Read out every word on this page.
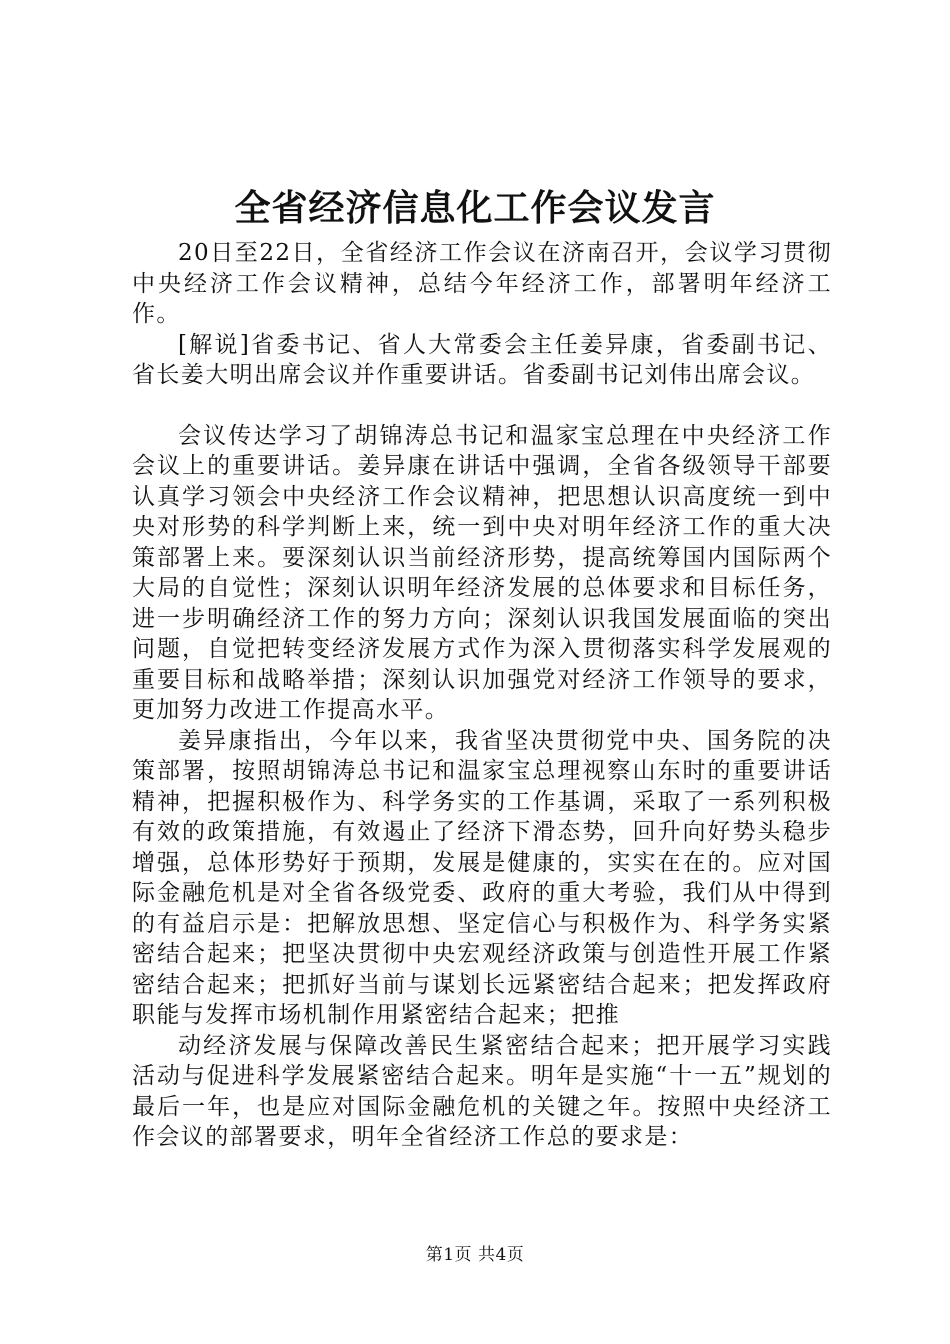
全省经济信息化工作会议发言

20日至22日，全省经济工作会议在济南召开，会议学习贯彻中央经济工作会议精神，总结今年经济工作，部署明年经济工作。

[解说]省委书记、省人大常委会主任姜异康，省委副书记、省长姜大明出席会议并作重要讲话。省委副书记刘伟出席会议。

会议传达学习了胡锦涛总书记和温家宝总理在中央经济工作会议上的重要讲话。姜异康在讲话中强调，全省各级领导干部要认真学习领会中央经济工作会议精神，把思想认识高度统一到中央对形势的科学判断上来，统一到中央对明年经济工作的重大决策部署上来。要深刻认识当前经济形势，提高统筹国内国际两个大局的自觉性；深刻认识明年经济发展的总体要求和目标任务，进一步明确经济工作的努力方向；深刻认识我国发展面临的突出问题，自觉把转变经济发展方式作为深入贯彻落实科学发展观的重要目标和战略举措；深刻认识加强党对经济工作领导的要求，更加努力改进工作提高水平。

姜异康指出，今年以来，我省坚决贯彻党中央、国务院的决策部署，按照胡锦涛总书记和温家宝总理视察山东时的重要讲话精神，把握积极作为、科学务实的工作基调，采取了一系列积极有效的政策措施，有效遏止了经济下滑态势，回升向好势头稳步增强，总体形势好于预期，发展是健康的，实实在在的。应对国际金融危机是对全省各级党委、政府的重大考验，我们从中得到的有益启示是：把解放思想、坚定信心与积极作为、科学务实紧密结合起来；把坚决贯彻中央宏观经济政策与创造性开展工作紧密结合起来；把抓好当前与谋划长远紧密结合起来；把发挥政府职能与发挥市场机制作用紧密结合起来；把推

动经济发展与保障改善民生紧密结合起来；把开展学习实践活动与促进科学发展紧密结合起来。明年是实施“十一五”规划的最后一年，也是应对国际金融危机的关键之年。按照中央经济工作会议的部署要求，明年全省经济工作总的要求是：

第1页 共4页
